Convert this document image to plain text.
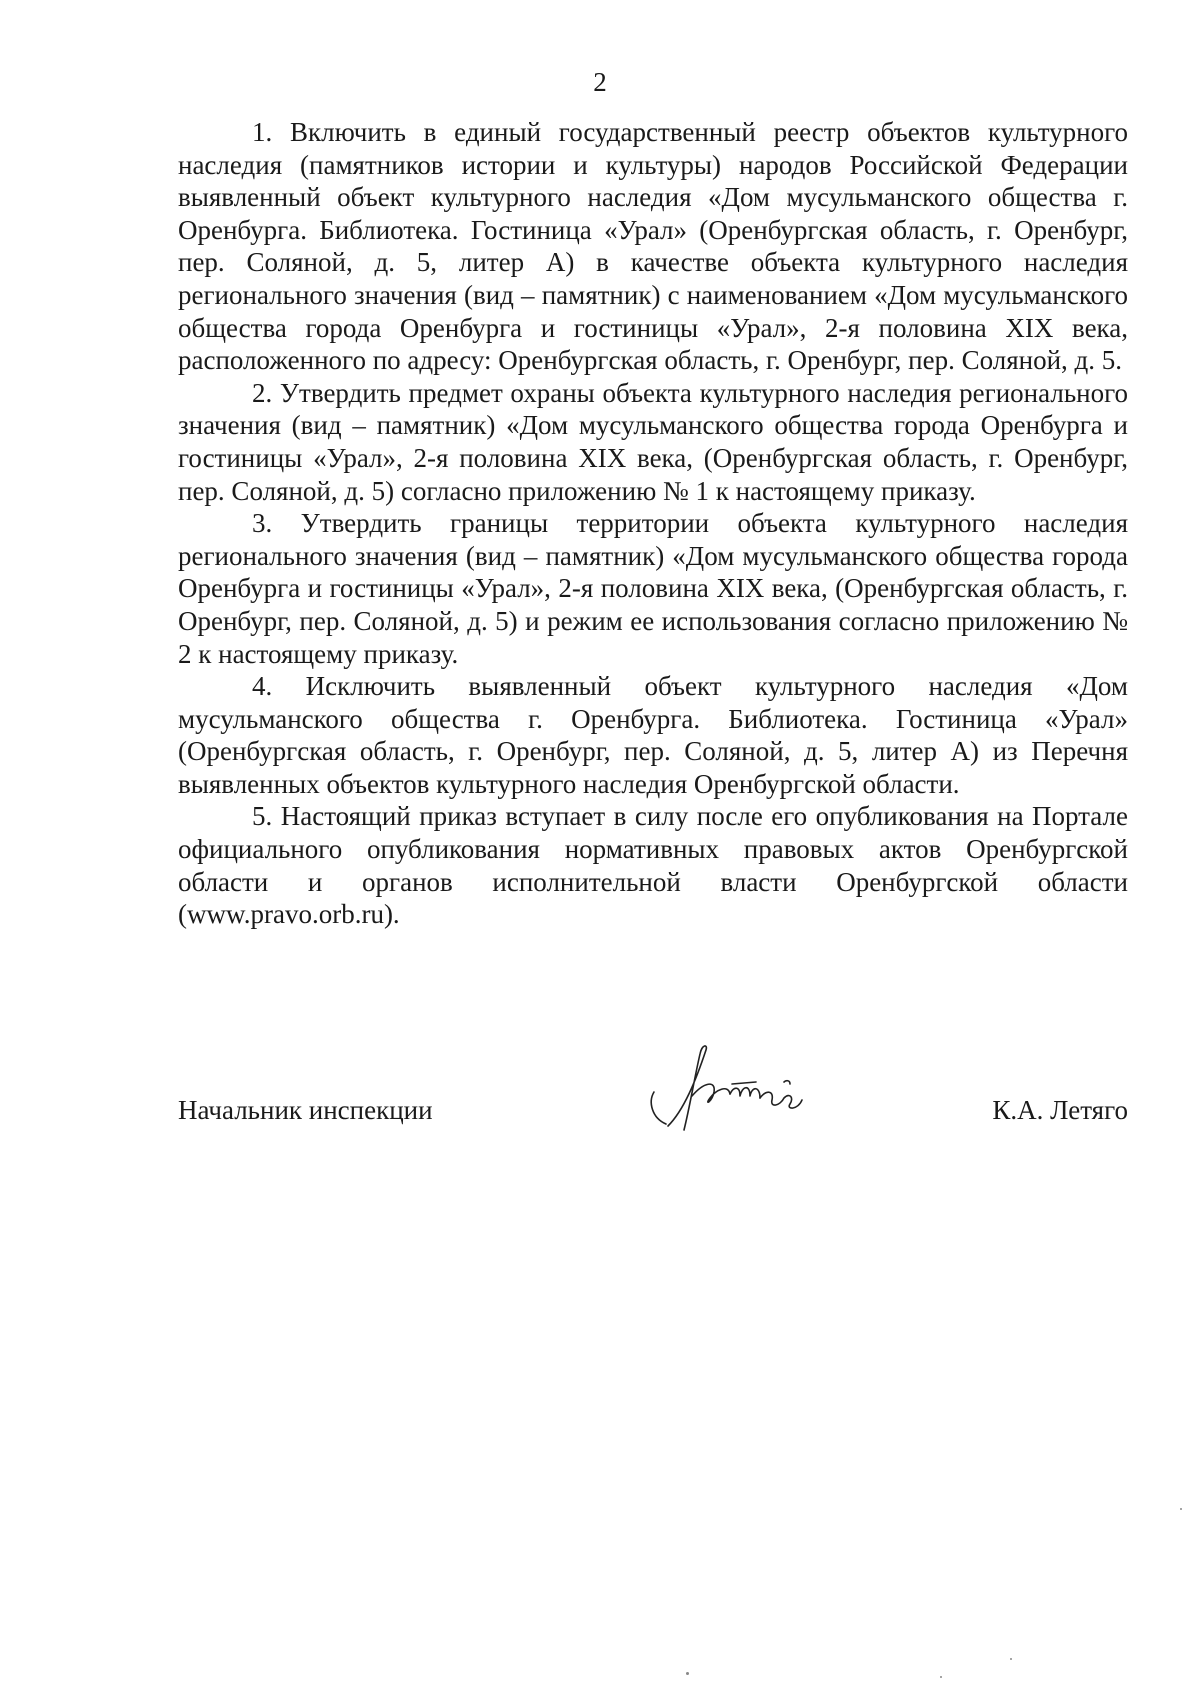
2

1. Включить в единый государственный реестр объектов культурного наследия (памятников истории и культуры) народов Российской Федерации выявленный объект культурного наследия «Дом мусульманского общества г. Оренбурга. Библиотека. Гостиница «Урал» (Оренбургская область, г. Оренбург, пер. Соляной, д. 5, литер А) в качестве объекта культурного наследия регионального значения (вид – памятник) с наименованием «Дом мусульманского общества города Оренбурга и гостиницы «Урал», 2-я половина XIX века, расположенного по адресу: Оренбургская область, г. Оренбург, пер. Соляной, д. 5.

2. Утвердить предмет охраны объекта культурного наследия регионального значения (вид – памятник) «Дом мусульманского общества города Оренбурга и гостиницы «Урал», 2-я половина XIX века, (Оренбургская область, г. Оренбург, пер. Соляной, д. 5) согласно приложению № 1 к настоящему приказу.

3. Утвердить границы территории объекта культурного наследия регионального значения (вид – памятник) «Дом мусульманского общества города Оренбурга и гостиницы «Урал», 2-я половина XIX века, (Оренбургская область, г. Оренбург, пер. Соляной, д. 5) и режим ее использования согласно приложению № 2 к настоящему приказу.

4. Исключить выявленный объект культурного наследия «Дом мусульманского общества г. Оренбурга. Библиотека. Гостиница «Урал» (Оренбургская область, г. Оренбург, пер. Соляной, д. 5, литер А) из Перечня выявленных объектов культурного наследия Оренбургской области.

5. Настоящий приказ вступает в силу после его опубликования на Портале официального опубликования нормативных правовых актов Оренбургской области и органов исполнительной власти Оренбургской области (www.pravo.orb.ru).

Начальник инспекции	К.А. Летяго
